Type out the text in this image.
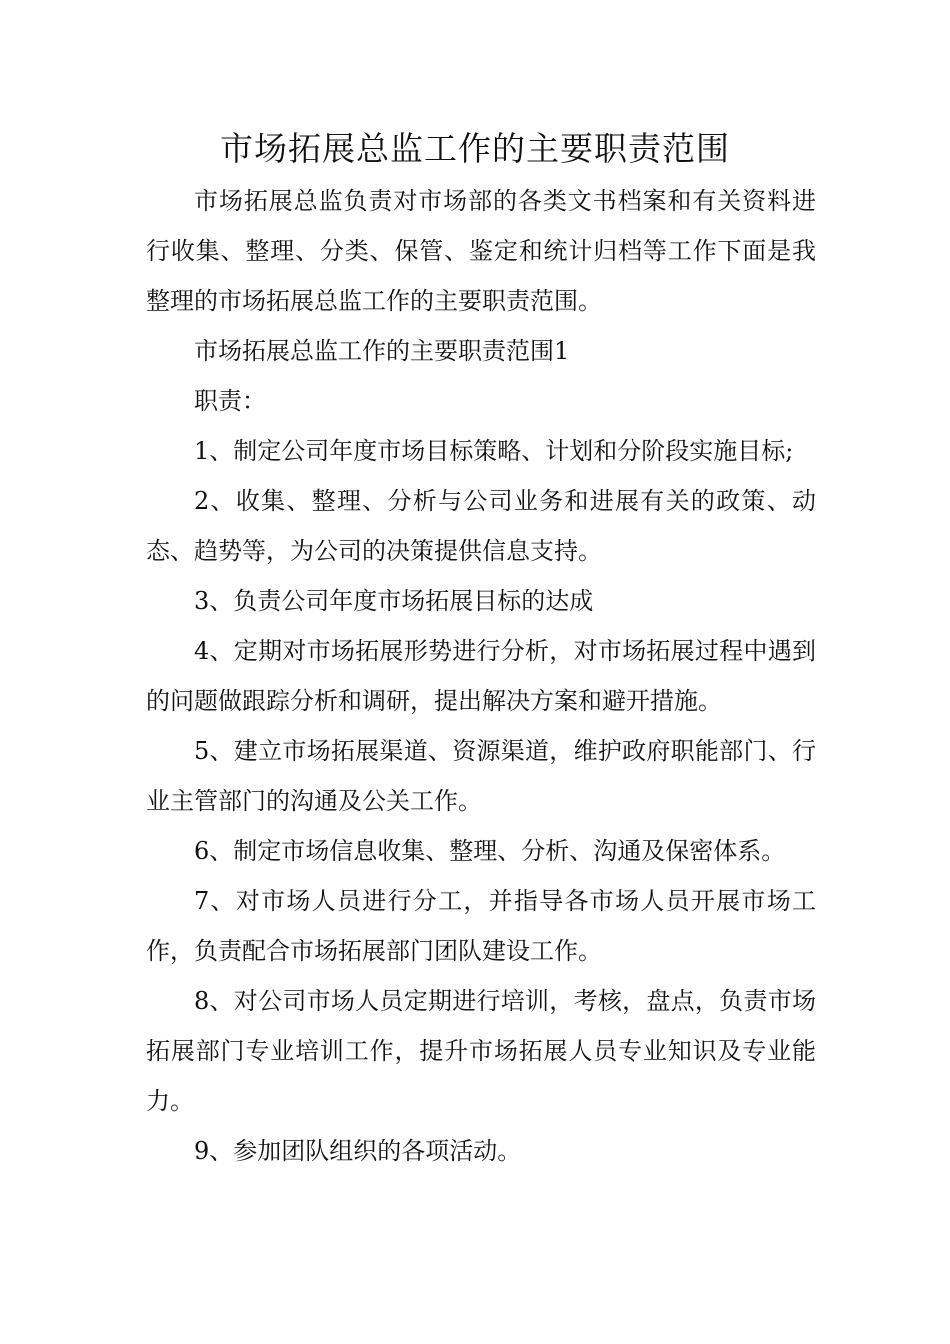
市场拓展总监工作的主要职责范围

市场拓展总监负责对市场部的各类文书档案和有关资料进行收集、整理、分类、保管、鉴定和统计归档等工作下面是我整理的市场拓展总监工作的主要职责范围。

市场拓展总监工作的主要职责范围1

职责：

1、制定公司年度市场目标策略、计划和分阶段实施目标;

2、收集、整理、分析与公司业务和进展有关的政策、动态、趋势等，为公司的决策提供信息支持。

3、负责公司年度市场拓展目标的达成

4、定期对市场拓展形势进行分析，对市场拓展过程中遇到的问题做跟踪分析和调研，提出解决方案和避开措施。

5、建立市场拓展渠道、资源渠道，维护政府职能部门、行业主管部门的沟通及公关工作。

6、制定市场信息收集、整理、分析、沟通及保密体系。

7、对市场人员进行分工，并指导各市场人员开展市场工作，负责配合市场拓展部门团队建设工作。

8、对公司市场人员定期进行培训，考核，盘点，负责市场拓展部门专业培训工作，提升市场拓展人员专业知识及专业能力。

9、参加团队组织的各项活动。
